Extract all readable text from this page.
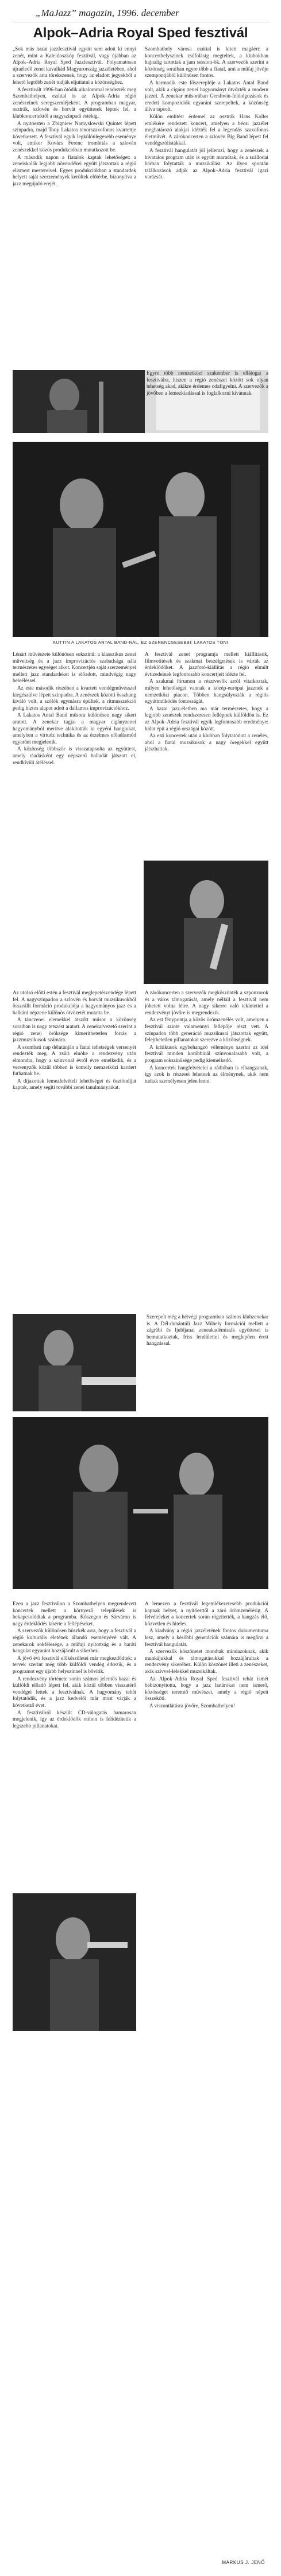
„MaJazz” magazin, 1996. december
Alpok–Adria Royal Sped fesztivál

„Sok más hazai jazzfesztivál együtt sem adott ki ennyi zenét, mint a Kaleidoszkóp fesztivál, vagy újabban az Alpok–Adria Royal Sped Jazzfesztivál. Folyamatosan újraéledő zenei kavalkád Magyarország jazzéletében, ahol a szervezők arra törekszenek, hogy az eladott jegyekből a lehető legtöbb zenét tudják eljuttatni a közönséghez.

A fesztivált 1996-ban ötödik alkalommal rendezték meg Szombathelyen, ezúttal is az Alpok–Adria régió zenészeinek seregszemléjeként. A programban magyar, osztrák, szlovén és horvát együttesek léptek fel, a klubkoncertektől a nagyszínpadi estékig.

A nyitóesten a Zbigniew Namysłowski Quintet lépett színpadra, majd Tony Lakatos tenorszaxofonos kvartettje következett. A fesztivál egyik legkülönlegesebb eseménye volt, amikor Kovács Ferenc trombitás a szlovén zenészekkel közös produkcióban mutatkozott be.

A második napon a fiatalok kaptak lehetőséget: a zeneiskolák legjobb növendékei együtt játszottak a régió elismert mestereivel. Egyes produkciókban a standardek helyett saját szerzemények kerültek előtérbe, bizonyítva a jazz megújuló erejét.

Szombathely városa ezúttal is kitett magáért: a koncerthelyszínek zsúfolásig megteltek, a klubokban hajnalig tartottak a jam session-ök. A szervezők szerint a közönség soraiban egyre több a fiatal, ami a műfaj jövője szempontjából különösen fontos.

A harmadik este főszereplője a Lakatos Antal Band volt, akik a cigány zenei hagyományt ötvözték a modern jazzel. A zenekar műsorában Gershwin-feldolgozások és eredeti kompozíciók egyaránt szerepeltek, a közönség állva tapsolt.

Külön említést érdemel az osztrák Hans Koller emlékére rendezett koncert, amelyen a bécsi jazzélet meghatározó alakjai idézték fel a legendás szaxofonos életművét. A zárókoncerten a szlovén Big Band lépett fel vendégszólistákkal.

A fesztivál hangulatát jól jellemzi, hogy a zenészek a hivatalos program után is együtt maradtak, és a szállodai bárban folytatták a muzsikálást. Az ilyen spontán találkozások adják az Alpok–Adria fesztivál igazi varázsát.

Egyre több nemzetközi szakember is ellátogat a fesztiválra, hiszen a régió zenészei között sok olyan tehetség akad, akikre érdemes odafigyelni. A szervezők a jövőben a lemezkiadással is foglalkozni kívánnak.

KUTTIN A LAKATOS ANTAL BAND-NÁL, EZ SZERENCSESEBBI: LAKATOS TÓNI

Lénárt művészete különösen sokszínű: a klasszikus zenei műveltség és a jazz improvizációs szabadsága nála természetes egységet alkot. Koncertjén saját szerzeményei mellett jazz standardeket is előadott, mindvégig nagy beleéléssel.

Az este második részében a kvartett vendégművésszel kiegészülve lépett színpadra. A zenészek közötti összhang kiváló volt, a szólók egymásra épültek, a ritmusszekció pedig biztos alapot adott a dallamos improvizációkhoz.

A Lakatos Antal Band műsora különösen nagy sikert aratott. A zenekar tagjai a magyar cigányzenei hagyományból merítve alakították ki egyéni hangjukat, amelyben a virtuóz technika és az érzelmes előadásmód egyaránt megjelenik.

A közönség többször is visszatapsolta az együttest, amely ráadásként egy népszerű balladát játszott el, rendkívüli átéléssel.

A fesztivál zenei programja mellett kiállítások, filmvetítések és szakmai beszélgetések is várták az érdeklődőket. A jazzfotó-kiállítás a régió elmúlt évtizedeinek legfontosabb koncertjeit idézte fel.

A szakmai fórumon a résztvevők arról vitatkoztak, milyen lehetőségei vannak a közép-európai jazznek a nemzetközi piacon. Többen hangsúlyozták a régiós együttműködés fontosságát.

A hazai jazz-életben ma már természetes, hogy a legjobb zenészek rendszeresen fellépnek külföldön is. Ez az Alpok–Adria fesztivál egyik legfontosabb eredménye: hidat épít a régió országai között.

Az esti koncertek után a klubban folytatódott a zenélés, ahol a fiatal muzsikusok a nagy öregekkel együtt játszhattak.

Az utolsó előtti estén a fesztivál meglepetésvendége lépett fel. A nagyszínpadon a szlovén és horvát muzsikusokból összeállt formáció produkciója a hagyományos jazz és a balkáni népzene különös ötvözetét mutatta be.

A tánczenei elemekkel átszőtt műsor a közönség soraiban is nagy tetszést aratott. A zenekarvezető szerint a régió zenei öröksége kimeríthetetlen forrás a jazzmuzsikusok számára.

A szombati nap délutánján a fiatal tehetségek versenyét rendezték meg. A zsűri elnöke a rendezvény után elmondta, hogy a színvonal évről évre emelkedik, és a versenyzők közül többen is komoly nemzetközi karriert futhatnak be.

A díjazottak lemezfelvételi lehetőséget és ösztöndíjat kaptak, amely segíti további zenei tanulmányaikat.

A zárókoncerten a szervezők megköszönték a szponzorok és a város támogatását, amely nélkül a fesztivál nem jöhetett volna létre. A nagy sikerre való tekintettel a rendezvényt jövőre is megrendezik.

Az est fénypontja a közös örömzenélés volt, amelyen a fesztivál szinte valamennyi fellépője részt vett. A színpadon több generáció muzsikusai játszottak együtt, felejthetetlen pillanatokat szerezve a közönségnek.

A kritikusok egybehangzó véleménye szerint az idei fesztivál minden korábbinál színvonalasabb volt, a program sokszínűsége pedig kiemelkedő.

A koncertek hangfelvételei a rádióban is elhangzanak, így azok is részesei lehetnek az élménynek, akik nem tudtak személyesen jelen lenni.

Szerepelt még a hétvégi programban számos klubzenekar is. A Dél-dunántúli Jazz Műhely formációi mellett a zágrábi és ljubljanai zeneakadémisták együttesei is bemutatkoztak, friss lendülettel és meglepően érett hangzással.

Ezen a jazz fesztiválon a Szombathelyen megrendezett koncertek mellett a környező települések is bekapcsolódtak a programba. Kőszegen és Sárváron is nagy érdeklődés kísérte a fellépéseket.

A szervezők különösen büszkék arra, hogy a fesztivál a régió kulturális életének állandó eseményévé vált. A zenekarok sokfélesége, a műfaji nyitottság és a baráti hangulat egyaránt hozzájárult a sikerhez.

A jövő évi fesztivál előkészületei már megkezdődtek: a tervek szerint még több külföldi vendég érkezik, és a programot egy újabb helyszínnel is bővítik.

A rendezvény története során számos jelentős hazai és külföldi előadó lépett fel, akik közül többen visszatérő vendégei lettek a fesztiválnak. A hagyomány tehát folytatódik, és a jazz kedvelői már most várják a következő évet.

A fesztiválról készült CD-válogatás hamarosan megjelenik, így az érdeklődők otthon is felidézhetik a legszebb pillanatokat.

A lemezen a fesztivál legemlékezetesebb produkciói kapnak helyet, a nyitóesttől a záró örömzenélésig. A felvételeket a koncertek során rögzítették, a hangzás élő, közvetlen és hiteles.

A kiadvány a régió jazzéletének fontos dokumentuma lesz, amely a későbbi generációk számára is megőrzi a fesztivál hangulatát.

A szervezők köszönetet mondtak mindazoknak, akik munkájukkal és támogatásukkal hozzájárultak a rendezvény sikeréhez. Külön köszönet illeti a zenészeket, akik szívvel-lélekkel muzsikáltak.

Az Alpok–Adria Royal Sped fesztivál tehát ismét bebizonyította, hogy a jazz határokat nem ismerő, közösséget teremtő művészet, amely a régió népeit összeköti.

A viszontlátásra jövőre, Szombathelyen!

MÁRKUS J. JENŐ
